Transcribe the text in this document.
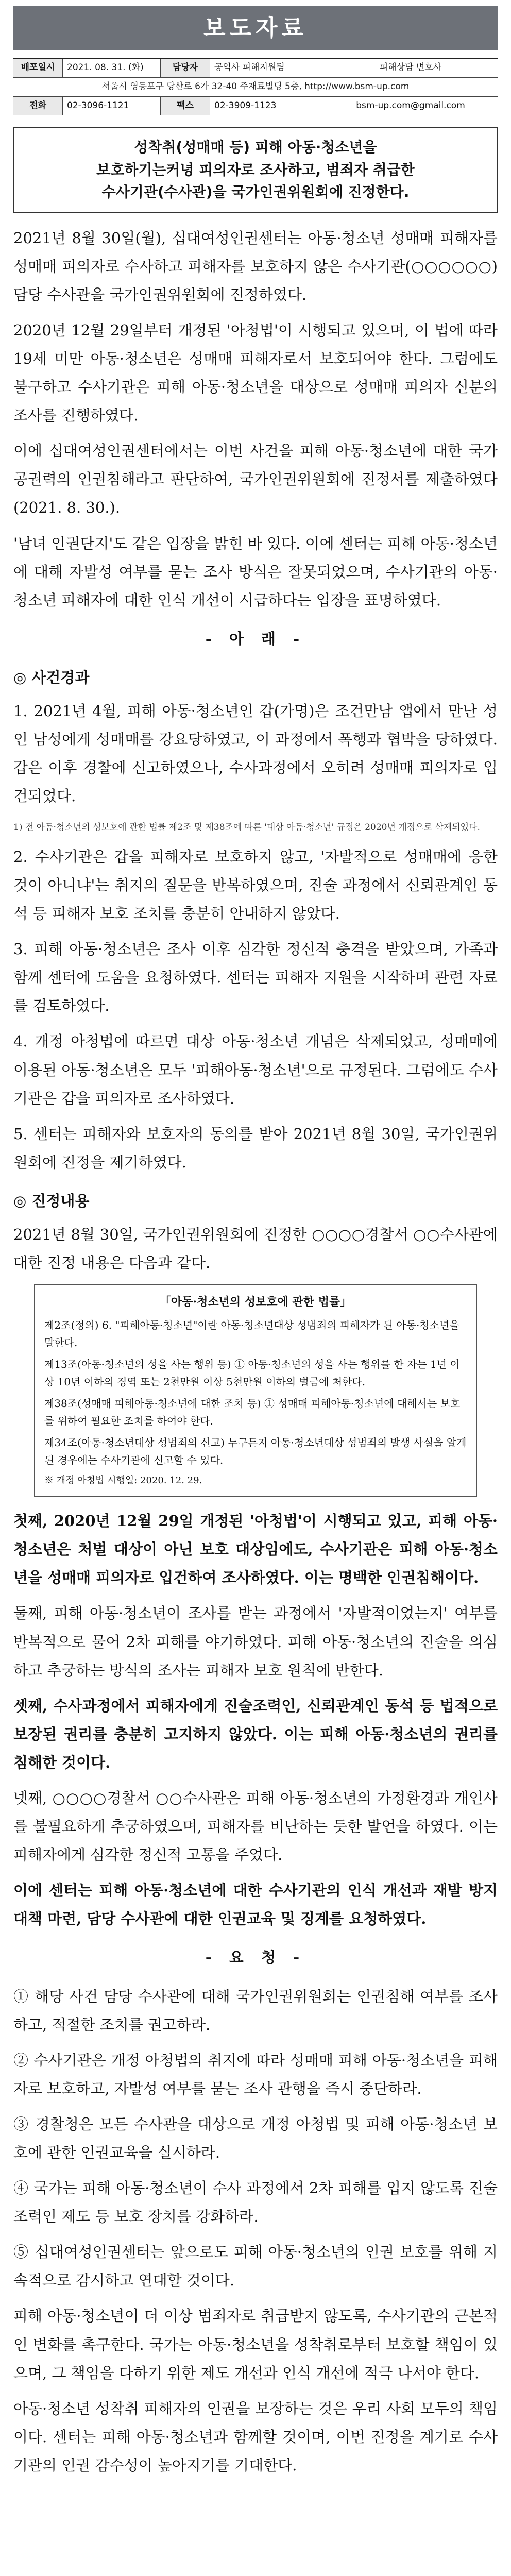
보도자료
배포일시	2021. 08. 31. (화)	담당자	공익사 피해지원팀	피해상담 변호사
서울시 영등포구 당산로 6가 32-40 주재료빌딩 5층, http://www.bsm-up.com
전화	02-3096-1121	팩스	02-3909-1123	bsm-up.com@gmail.com
성착취(성매매 등) 피해 아동·청소년을
보호하기는커녕 피의자로 조사하고, 범죄자 취급한
수사기관(수사관)을 국가인권위원회에 진정한다.

2021년 8월 30일(월), 십대여성인권센터는 아동·청소년 성매매 피해자를 성매매 피의자로 수사하고 피해자를 보호하지 않은 수사기관(○○○○○○) 담당 수사관을 국가인권위원회에 진정하였다.

2020년 12월 29일부터 개정된 '아청법'이 시행되고 있으며, 이 법에 따라 19세 미만 아동·청소년은 성매매 피해자로서 보호되어야 한다. 그럼에도 불구하고 수사기관은 피해 아동·청소년을 대상으로 성매매 피의자 신분의 조사를 진행하였다.

이에 십대여성인권센터에서는 이번 사건을 피해 아동·청소년에 대한 국가 공권력의 인권침해라고 판단하여, 국가인권위원회에 진정서를 제출하였다(2021. 8. 30.).

'남녀 인권단지'도 같은 입장을 밝힌 바 있다. 이에 센터는 피해 아동·청소년에 대해 자발성 여부를 묻는 조사 방식은 잘못되었으며, 수사기관의 아동·청소년 피해자에 대한 인식 개선이 시급하다는 입장을 표명하였다.

- 아 래 -
◎ 사건경과

1. 2021년 4월, 피해 아동·청소년인 갑(가명)은 조건만남 앱에서 만난 성인 남성에게 성매매를 강요당하였고, 이 과정에서 폭행과 협박을 당하였다. 갑은 이후 경찰에 신고하였으나, 수사과정에서 오히려 성매매 피의자로 입건되었다.

1) 전 아동·청소년의 성보호에 관한 법률 제2조 및 제38조에 따른 '대상 아동·청소년' 규정은 2020년 개정으로 삭제되었다.

2. 수사기관은 갑을 피해자로 보호하지 않고, '자발적으로 성매매에 응한 것이 아니냐'는 취지의 질문을 반복하였으며, 진술 과정에서 신뢰관계인 동석 등 피해자 보호 조치를 충분히 안내하지 않았다.

3. 피해 아동·청소년은 조사 이후 심각한 정신적 충격을 받았으며, 가족과 함께 센터에 도움을 요청하였다. 센터는 피해자 지원을 시작하며 관련 자료를 검토하였다.

4. 개정 아청법에 따르면 대상 아동·청소년 개념은 삭제되었고, 성매매에 이용된 아동·청소년은 모두 '피해아동·청소년'으로 규정된다. 그럼에도 수사기관은 갑을 피의자로 조사하였다.

5. 센터는 피해자와 보호자의 동의를 받아 2021년 8월 30일, 국가인권위원회에 진정을 제기하였다.

◎ 진정내용

2021년 8월 30일, 국가인권위원회에 진정한 ○○○○경찰서 ○○수사관에 대한 진정 내용은 다음과 같다.

「아동·청소년의 성보호에 관한 법률」
제2조(정의) 6. "피해아동·청소년"이란 아동·청소년대상 성범죄의 피해자가 된 아동·청소년을 말한다.
제13조(아동·청소년의 성을 사는 행위 등) ① 아동·청소년의 성을 사는 행위를 한 자는 1년 이상 10년 이하의 징역 또는 2천만원 이상 5천만원 이하의 벌금에 처한다.
제38조(성매매 피해아동·청소년에 대한 조치 등) ① 성매매 피해아동·청소년에 대해서는 보호를 위하여 필요한 조치를 하여야 한다.
제34조(아동·청소년대상 성범죄의 신고) 누구든지 아동·청소년대상 성범죄의 발생 사실을 알게 된 경우에는 수사기관에 신고할 수 있다.
※ 개정 아청법 시행일: 2020. 12. 29.

첫째, 2020년 12월 29일 개정된 '아청법'이 시행되고 있고, 피해 아동·청소년은 처벌 대상이 아닌 보호 대상임에도, 수사기관은 피해 아동·청소년을 성매매 피의자로 입건하여 조사하였다. 이는 명백한 인권침해이다.

둘째, 피해 아동·청소년이 조사를 받는 과정에서 '자발적이었는지' 여부를 반복적으로 물어 2차 피해를 야기하였다. 피해 아동·청소년의 진술을 의심하고 추궁하는 방식의 조사는 피해자 보호 원칙에 반한다.

셋째, 수사과정에서 피해자에게 진술조력인, 신뢰관계인 동석 등 법적으로 보장된 권리를 충분히 고지하지 않았다. 이는 피해 아동·청소년의 권리를 침해한 것이다.

넷째, ○○○○경찰서 ○○수사관은 피해 아동·청소년의 가정환경과 개인사를 불필요하게 추궁하였으며, 피해자를 비난하는 듯한 발언을 하였다. 이는 피해자에게 심각한 정신적 고통을 주었다.

이에 센터는 피해 아동·청소년에 대한 수사기관의 인식 개선과 재발 방지 대책 마련, 담당 수사관에 대한 인권교육 및 징계를 요청하였다.

- 요 청 -

① 해당 사건 담당 수사관에 대해 국가인권위원회는 인권침해 여부를 조사하고, 적절한 조치를 권고하라.

② 수사기관은 개정 아청법의 취지에 따라 성매매 피해 아동·청소년을 피해자로 보호하고, 자발성 여부를 묻는 조사 관행을 즉시 중단하라.

③ 경찰청은 모든 수사관을 대상으로 개정 아청법 및 피해 아동·청소년 보호에 관한 인권교육을 실시하라.

④ 국가는 피해 아동·청소년이 수사 과정에서 2차 피해를 입지 않도록 진술조력인 제도 등 보호 장치를 강화하라.

⑤ 십대여성인권센터는 앞으로도 피해 아동·청소년의 인권 보호를 위해 지속적으로 감시하고 연대할 것이다.

피해 아동·청소년이 더 이상 범죄자로 취급받지 않도록, 수사기관의 근본적인 변화를 촉구한다. 국가는 아동·청소년을 성착취로부터 보호할 책임이 있으며, 그 책임을 다하기 위한 제도 개선과 인식 개선에 적극 나서야 한다.

아동·청소년 성착취 피해자의 인권을 보장하는 것은 우리 사회 모두의 책임이다. 센터는 피해 아동·청소년과 함께할 것이며, 이번 진정을 계기로 수사기관의 인권 감수성이 높아지기를 기대한다.
